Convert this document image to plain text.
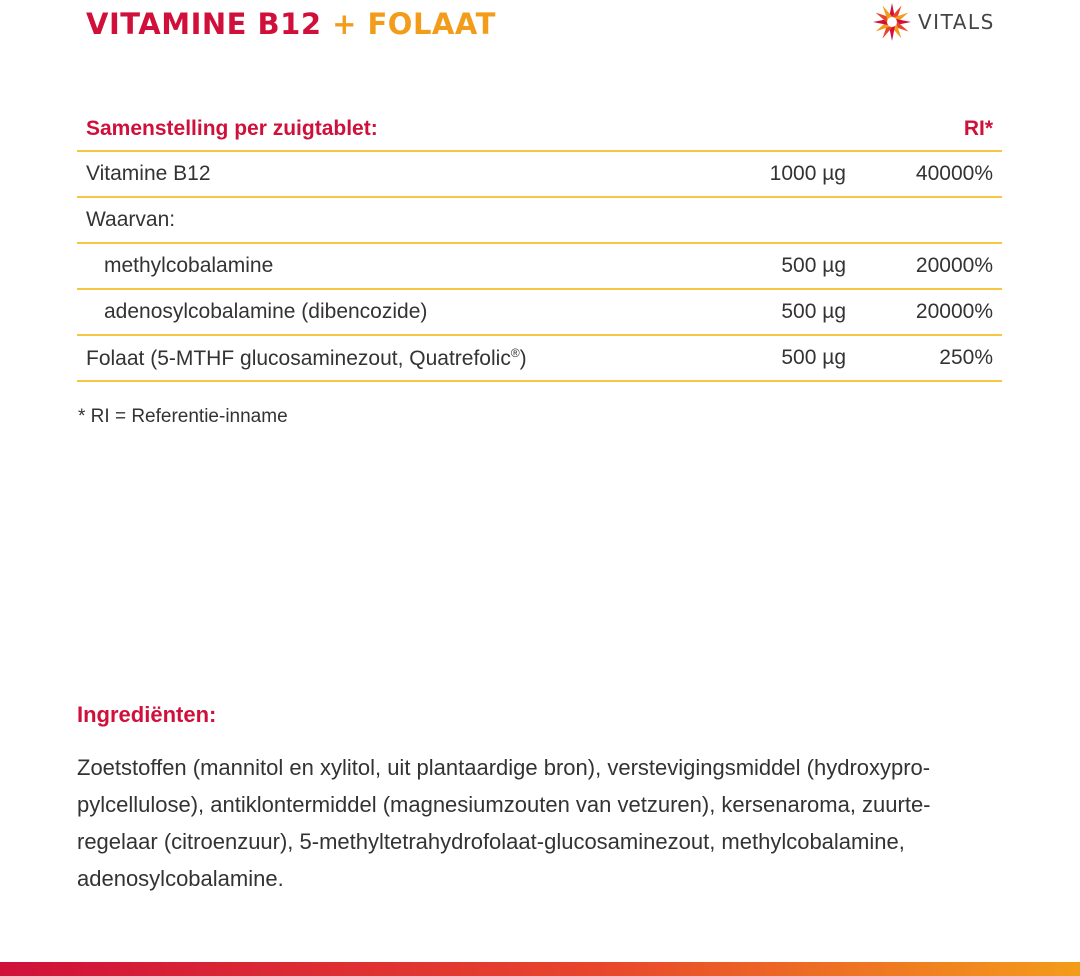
VITAMINE B12 + FOLAAT	VITALS
Samenstelling per zuigtablet:		RI*
Vitamine B12	1000 µg	40000%
Waarvan:		
methylcobalamine	500 µg	20000%
adenosylcobalamine (dibencozide)	500 µg	20000%
Folaat (5-MTHF glucosaminezout, Quatrefolic®)	500 µg	250%
* RI = Referentie-inname
Ingrediënten:

Zoetstoffen (mannitol en xylitol, uit plantaardige bron), verstevigingsmiddel (hydroxypro-
pylcellulose), antiklontermiddel (magnesiumzouten van vetzuren), kersenaroma, zuurte-
regelaar (citroenzuur), 5-methyltetrahydrofolaat-glucosaminezout, methylcobalamine,
adenosylcobalamine.
